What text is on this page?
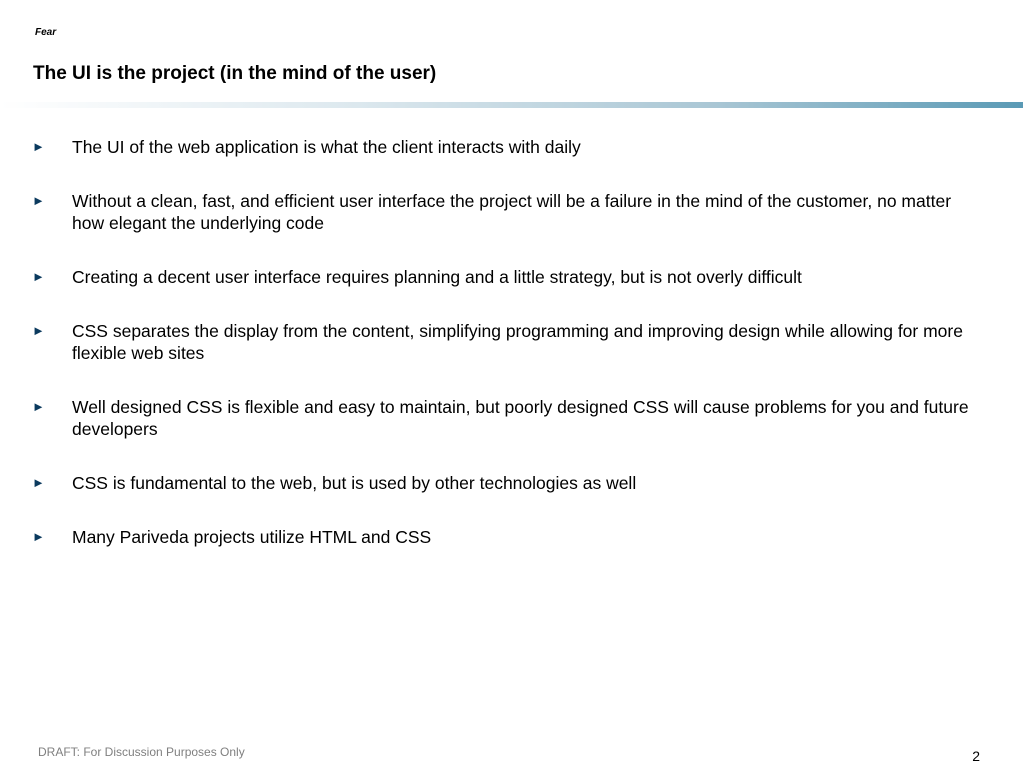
Fear
The UI is the project (in the mind of the user)
►	The UI of the web application is what the client interacts with daily
►	Without a clean, fast, and efficient user interface the project will be a failure in the mind of the customer, no matter how elegant the underlying code
►	Creating a decent user interface requires planning and a little strategy, but is not overly difficult
►	CSS separates the display from the content, simplifying programming and improving design while allowing for more flexible web sites
►	Well designed CSS is flexible and easy to maintain, but poorly designed CSS will cause problems for you and future developers
►	CSS is fundamental to the web, but is used by other technologies as well
►	Many Pariveda projects utilize HTML and CSS
DRAFT: For Discussion Purposes Only	2
